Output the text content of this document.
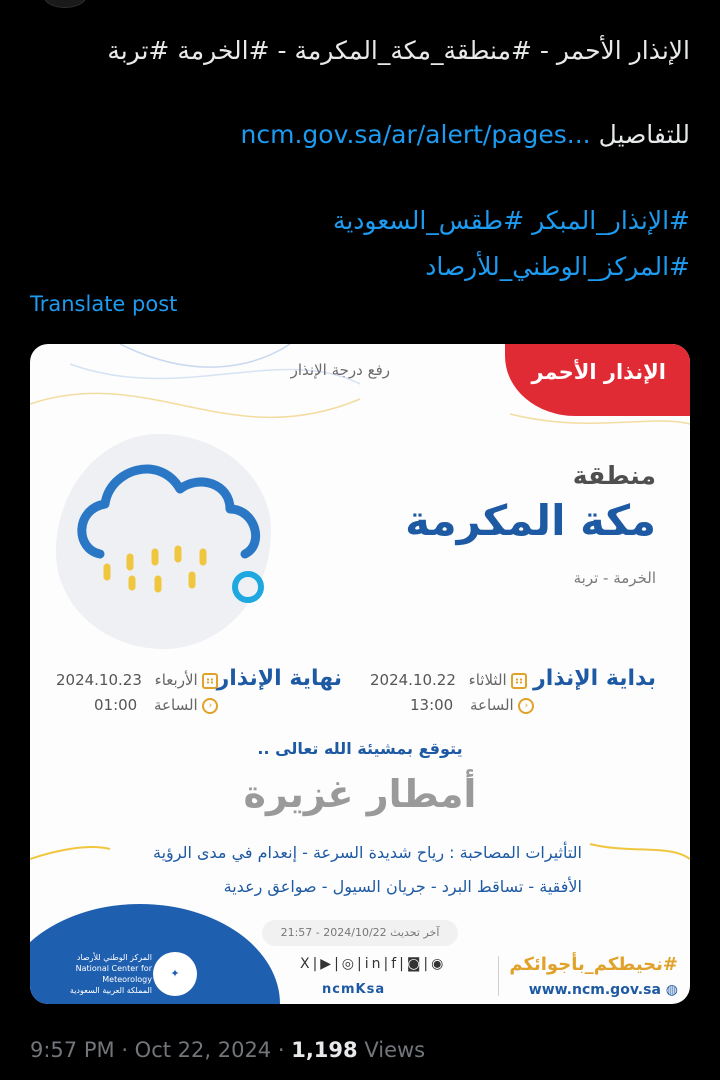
الإنذار الأحمر - #منطقة_مكة_المكرمة - #الخرمة #تربة
للتفاصيل ncm.gov.sa/ar/alert/pages...
#الإنذار_المبكر #طقس_السعودية
#المركز_الوطني_للأرصاد
Translate post
الإنذار الأحمر
رفع درجة الإنذار
منطقة
مكة المكرمة
الخرمة - تربة
بداية الإنذار
2024.10.22 الثلاثاء
13:00 الساعة ›
نهاية الإنذار
2024.10.23 الأربعاء
01:00 الساعة ›
يتوقع بمشيئة الله تعالى ..
أمطار غزيرة
التأثيرات المصاحبة : رياح شديدة السرعة - إنعدام في مدى الرؤية
الأفقية - تساقط البرد - جريان السيول - صواعق رعدية
آخر تحديث 2024/10/22 - 21:57
المركز الوطني للأرصاد
National Center for Meteorology
المملكة العربية السعودية
✦
X|▶|◎|in|f|◙|◉
ncmKsa
#نحيطكم_بأجوائكم
www.ncm.gov.sa ◍
9:57 PM · Oct 22, 2024 · 1,198 Views
